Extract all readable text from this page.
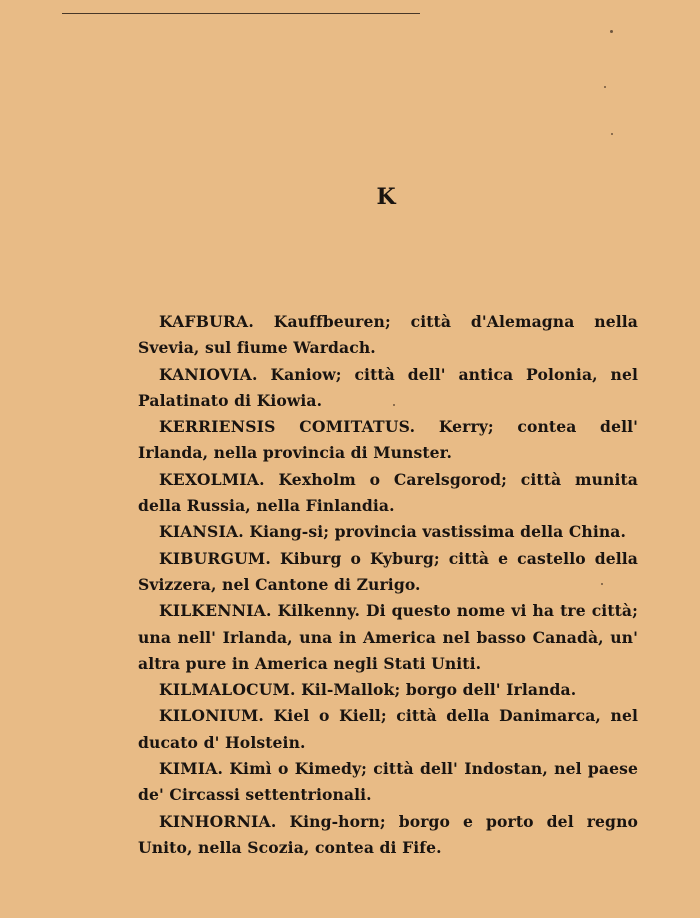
K

KAFBURA. Kauffbeuren; città d'Alemagna nella Svevia, sul fiume Wardach.

KANIOVIA. Kaniow; città dell' antica Polonia, nel Palatinato di Kiowia.

KERRIENSIS COMITATUS. Kerry; contea dell' Irlanda, nella provincia di Munster.

KEXOLMIA. Kexholm o Carelsgorod; città munita della Russia, nella Finlandia.

KIANSIA. Kiang-si; provincia vastissima della China.

KIBURGUM. Kiburg o Kyburg; città e castello della Svizzera, nel Cantone di Zurigo.

KILKENNIA. Kilkenny. Di questo nome vi ha tre città; una nell' Irlanda, una in America nel basso Canadà, un' altra pure in America negli Stati Uniti.

KILMALOCUM. Kil-Mallok; borgo dell' Irlanda.

KILONIUM. Kiel o Kiell; città della Danimarca, nel ducato d' Holstein.

KIMIA. Kimì o Kimedy; città dell' Indostan, nel paese de' Circassi settentrionali.

KINHORNIA. King-horn; borgo e porto del regno Unito, nella Scozia, contea di Fife.
